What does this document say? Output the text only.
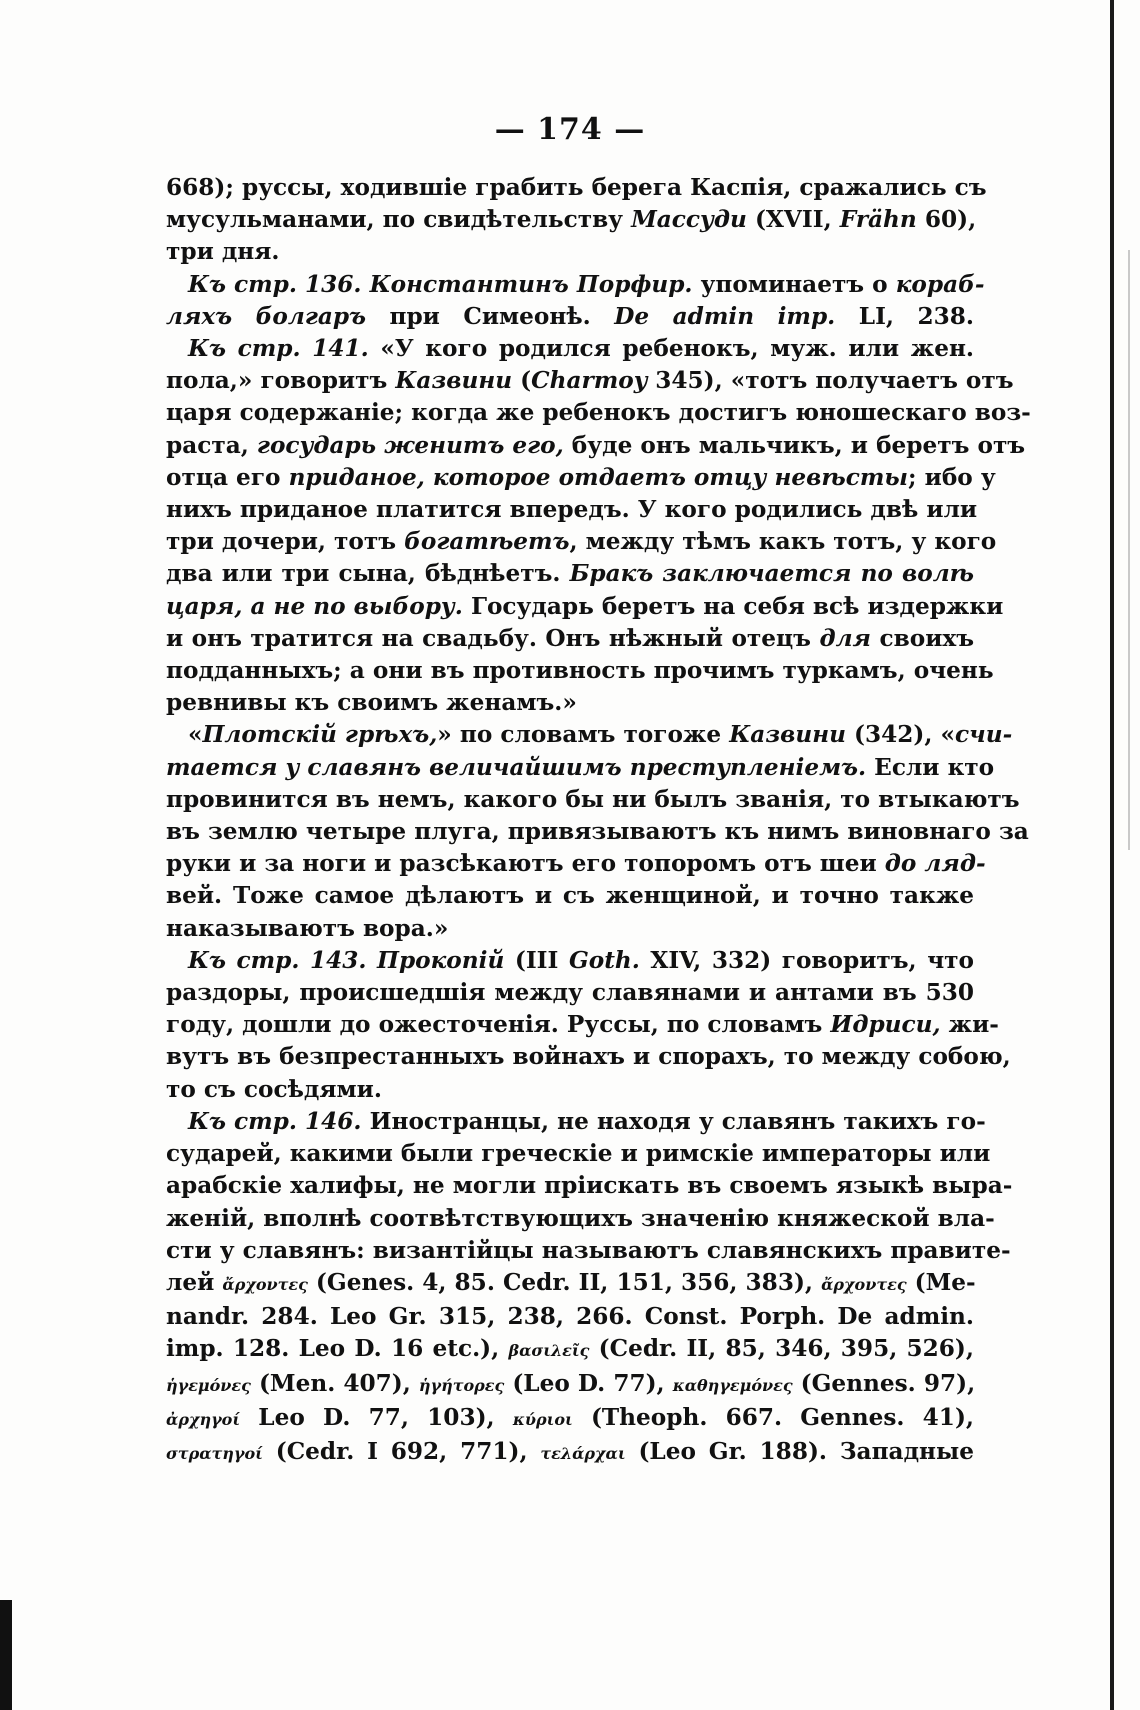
— 174 —
668); руссы, ходившіе грабить берега Каспія, сражались съ
мусульманами, по свидѣтельству Массуди (XVII, Frähn 60),
три дня.
Къ стр. 136. Константинъ Порфир. упоминаетъ о кораб-
ляхъ болгаръ при Симеонѣ. De admin imp. LI, 238.
Къ стр. 141. «У кого родился ребенокъ, муж. или жен.
пола,» говоритъ Казвини (Charmoy 345), «тотъ получаетъ отъ
царя содержаніе; когда же ребенокъ достигъ юношескаго воз-
раста, государь женитъ его, буде онъ мальчикъ, и беретъ отъ
отца его приданое, которое отдаетъ отцу невѣсты; ибо у
нихъ приданое платится впередъ. У кого родились двѣ или
три дочери, тотъ богатѣетъ, между тѣмъ какъ тотъ, у кого
два или три сына, бѣднѣетъ. Бракъ заключается по волѣ
царя, а не по выбору. Государь беретъ на себя всѣ издержки
и онъ тратится на свадьбу. Онъ нѣжный отецъ для своихъ
подданныхъ; а они въ противность прочимъ туркамъ, очень
ревнивы къ своимъ женамъ.»
«Плотскій грѣхъ,» по словамъ тогоже Казвини (342), «счи-
тается у славянъ величайшимъ преступленіемъ. Если кто
провинится въ немъ, какого бы ни былъ званія, то втыкаютъ
въ землю четыре плуга, привязываютъ къ нимъ виновнаго за
руки и за ноги и разсѣкаютъ его топоромъ отъ шеи до ляд-
вей. Тоже самое дѣлаютъ и съ женщиной, и точно также
наказываютъ вора.»
Къ стр. 143. Прокопій (III Goth. XIV, 332) говоритъ, что
раздоры, происшедшія между славянами и антами въ 530
году, дошли до ожесточенія. Руссы, по словамъ Идриси, жи-
вутъ въ безпрестанныхъ войнахъ и спорахъ, то между собою,
то съ сосѣдями.
Къ стр. 146. Иностранцы, не находя у славянъ такихъ го-
сударей, какими были греческіе и римскіе императоры или
арабскіе халифы, не могли пріискать въ своемъ языкѣ выра-
женій, вполнѣ соотвѣтствующихъ значенію княжеской вла-
сти у славянъ: византійцы называютъ славянскихъ правите-
лей ἄρχοντες (Genes. 4, 85. Cedr. II, 151, 356, 383), ἄρχοντες (Me-
nandr. 284. Leo Gr. 315, 238, 266. Const. Porph. De admin.
imp. 128. Leo D. 16 etc.), βασιλεῖς (Cedr. II, 85, 346, 395, 526),
ἡγεμόνες (Men. 407), ἡγήτορες (Leo D. 77), καθηγεμόνες (Gennes. 97),
ἀρχηγοί Leo D. 77, 103), κύριοι (Theoph. 667. Gennes. 41),
στρατηγοί (Cedr. I 692, 771), τελάρχαι (Leo Gr. 188). Западные
